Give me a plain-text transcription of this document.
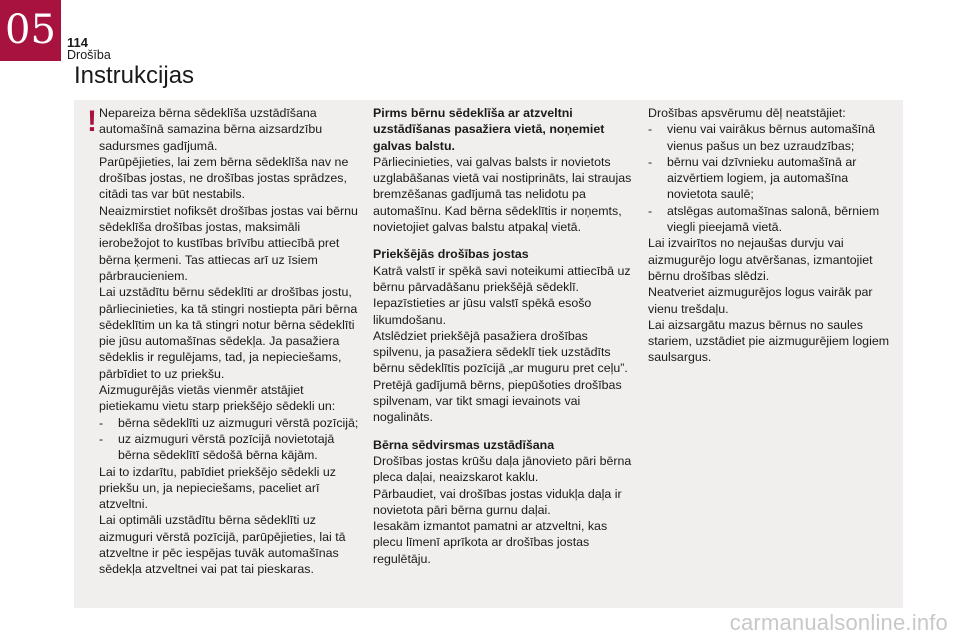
05 114
Drošība
Instrukcijas
! Nepareiza bērna sēdeklīša uzstādīšana automašīnā samazina bērna aizsardzību sadursmes gadījumā.

Parūpējieties, lai zem bērna sēdeklīša nav ne drošības jostas, ne drošības jostas sprādzes, citādi tas var būt nestabils.

Neaizmirstiet nofiksēt drošības jostas vai bērnu sēdeklīša drošības jostas, maksimāli ierobežojot to kustības brīvību attiecībā pret bērna ķermeni. Tas attiecas arī uz īsiem pārbraucieniem.

Lai uzstādītu bērnu sēdeklīti ar drošības jostu, pārliecinieties, ka tā stingri nostiepta pāri bērna sēdeklītim un ka tā stingri notur bērna sēdeklīti pie jūsu automašīnas sēdekļa. Ja pasažiera sēdeklis ir regulējams, tad, ja nepieciešams, pārbīdiet to uz priekšu.

Aizmugurējās vietās vienmēr atstājiet pietiekamu vietu starp priekšējo sēdekli un:

- bērna sēdeklīti uz aizmuguri vērstā pozīcijā;
- uz aizmuguri vērstā pozīcijā novietotajā bērna sēdeklītī sēdošā bērna kājām.

Lai to izdarītu, pabīdiet priekšējo sēdekli uz priekšu un, ja nepieciešams, paceliet arī atzveltni.

Lai optimāli uzstādītu bērna sēdeklīti uz aizmuguri vērstā pozīcijā, parūpējieties, lai tā atzveltne ir pēc iespējas tuvāk automašīnas sēdekļa atzveltnei vai pat tai pieskaras.

Pirms bērnu sēdeklīša ar atzveltni uzstādīšanas pasažiera vietā, noņemiet galvas balstu.

Pārliecinieties, vai galvas balsts ir novietots uzglabāšanas vietā vai nostiprināts, lai straujas bremzēšanas gadījumā tas nelidotu pa automašīnu. Kad bērna sēdeklītis ir noņemts, novietojiet galvas balstu atpakaļ vietā.

Priekšējās drošības jostas

Katrā valstī ir spēkā savi noteikumi attiecībā uz bērnu pārvadāšanu priekšējā sēdeklī. Iepazīstieties ar jūsu valstī spēkā esošo likumdošanu.

Atslēdziet priekšējā pasažiera drošības spilvenu, ja pasažiera sēdeklī tiek uzstādīts bērnu sēdeklītis pozīcijā „ar muguru pret ceļu”.

Pretējā gadījumā bērns, piepūšoties drošības spilvenam, var tikt smagi ievainots vai nogalināts.

Bērna sēdvirsmas uzstādīšana

Drošības jostas krūšu daļa jānovieto pāri bērna pleca daļai, neaizskarot kaklu.

Pārbaudiet, vai drošības jostas vidukļa daļa ir novietota pāri bērna gurnu daļai.

Iesakām izmantot pamatni ar atzveltni, kas plecu līmenī aprīkota ar drošības jostas regulētāju.

Drošības apsvērumu dēļ neatstājiet:

- vienu vai vairākus bērnus automašīnā vienus pašus un bez uzraudzības;
- bērnu vai dzīvnieku automašīnā ar aizvērtiem logiem, ja automašīna novietota saulē;
- atslēgas automašīnas salonā, bērniem viegli pieejamā vietā.

Lai izvairītos no nejaušas durvju vai aizmugurējo logu atvēršanas, izmantojiet bērnu drošības slēdzi.

Neatveriet aizmugurējos logus vairāk par vienu trešdaļu.

Lai aizsargātu mazus bērnus no saules stariem, uzstādiet pie aizmugurējiem logiem saulsargus.

carmanualsonline.info
